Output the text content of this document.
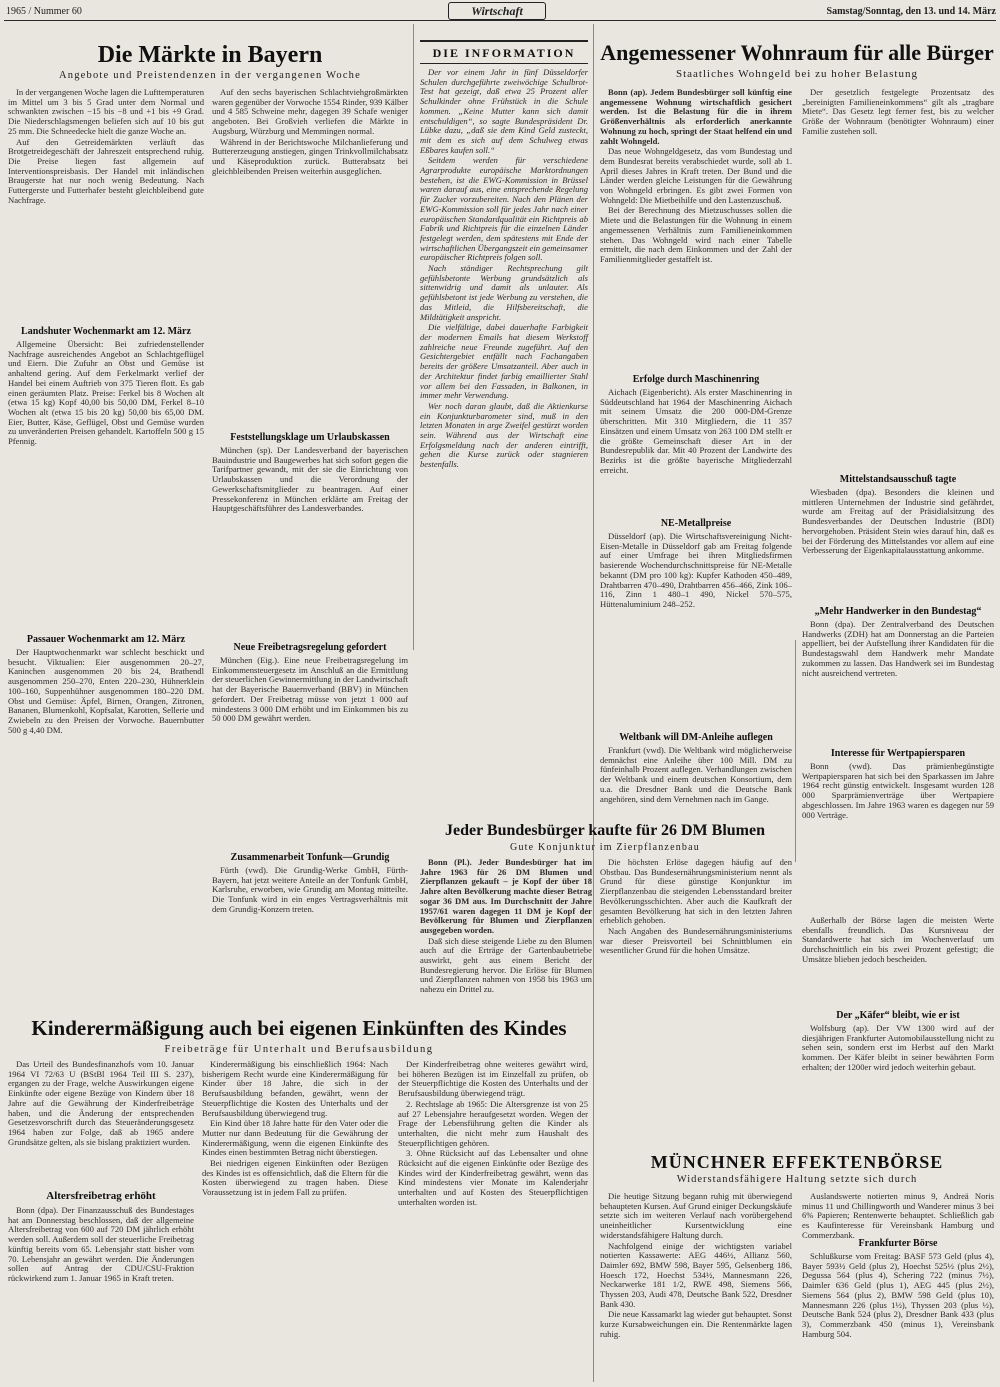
1965 / Nummer 60	Wirtschaft	Samstag/Sonntag, den 13. und 14. März
Die Märkte in Bayern
Angebote und Preistendenzen in der vergangenen Woche

In der vergangenen Woche lagen die Lufttemperaturen im Mittel um 3 bis 5 Grad unter dem Normal und schwankten zwischen −15 bis −8 und +1 bis +9 Grad. Die Niederschlagsmengen beliefen sich auf 10 bis gut 25 mm. Die Schneedecke hielt die ganze Woche an.

Auf den Getreidemärkten verläuft das Brotgetreidegeschäft der Jahreszeit entsprechend ruhig. Die Preise liegen fast allgemein auf Interventionspreisbasis. Der Handel mit inländischen Braugerste hat nur noch wenig Bedeutung. Nach Futtergerste und Futterhafer besteht gleichbleibend gute Nachfrage.

Auf den sechs bayerischen Schlachtviehgroßmärkten waren gegenüber der Vorwoche 1554 Rinder, 939 Kälber und 4 585 Schweine mehr, dagegen 39 Schafe weniger angeboten. Bei Großvieh verliefen die Märkte in Augsburg, Würzburg und Memmingen normal.

Während in der Berichtswoche Milchanlieferung und Buttererzeugung anstiegen, gingen Trinkvollmilchabsatz und Käseproduktion zurück. Butterabsatz bei gleichbleibenden Preisen weiterhin ausgeglichen.

Landshuter Wochenmarkt am 12. März

Allgemeine Übersicht: Bei zufriedenstellender Nachfrage ausreichendes Angebot an Schlachtgeflügel und Eiern. Die Zufuhr an Obst und Gemüse ist anhaltend gering. Auf dem Ferkelmarkt verlief der Handel bei einem Auftrieb von 375 Tieren flott. Es gab einen geräumten Platz. Preise: Ferkel bis 8 Wochen alt (etwa 15 kg) Kopf 40,00 bis 50,00 DM, Ferkel 8–10 Wochen alt (etwa 15 bis 20 kg) 50,00 bis 65,00 DM. Eier, Butter, Käse, Geflügel, Obst und Gemüse wurden zu unveränderten Preisen gehandelt. Kartoffeln 500 g 15 Pfennig.

Passauer Wochenmarkt am 12. März

Der Hauptwochenmarkt war schlecht beschickt und besucht. Viktualien: Eier ausgenommen 20–27, Kaninchen ausgenommen 20 bis 24, Brathendl ausgenommen 250–270, Enten 220–230, Hühnerklein 100–160, Suppenhühner ausgenommen 180–220 DM. Obst und Gemüse: Äpfel, Birnen, Orangen, Zitronen, Bananen, Blumenkohl, Kopfsalat, Karotten, Sellerie und Zwiebeln zu den Preisen der Vorwoche. Bauernbutter 500 g 4,40 DM.

Feststellungsklage um Urlaubskassen

München (sp). Der Landesverband der bayerischen Bauindustrie und Baugewerbes hat sich sofort gegen die Tarifpartner gewandt, mit der sie die Einrichtung von Urlaubskassen und die Verordnung der Gewerkschaftsmitglieder zu beantragen. Auf einer Pressekonferenz in München erklärte am Freitag der Hauptgeschäftsführer des Landesverbandes.

Neue Freibetragsregelung gefordert

München (Eig.). Eine neue Freibetragsregelung im Einkommensteuergesetz im Anschluß an die Ermittlung der steuerlichen Gewinnermittlung in der Landwirtschaft hat der Bayerische Bauernverband (BBV) in München gefordert. Der Freibetrag müsse von jetzt 1 000 auf mindestens 3 000 DM erhöht und im Einkommen bis zu 50 000 DM gewährt werden.

Zusammenarbeit Tonfunk—Grundig

Fürth (vwd). Die Grundig-Werke GmbH, Fürth-Bayern, hat jetzt weitere Anteile an der Tonfunk GmbH, Karlsruhe, erworben, wie Grundig am Montag mitteilte. Die Tonfunk wird in ein enges Vertragsverhältnis mit dem Grundig-Konzern treten.

DIE INFORMATION

Der vor einem Jahr in fünf Düsseldorfer Schulen durchgeführte zweiwöchige Schulbrot-Test hat gezeigt, daß etwa 25 Prozent aller Schulkinder ohne Frühstück in die Schule kommen. „Keine Mutter kann sich damit entschuldigen“, so sagte Bundespräsident Dr. Lübke dazu, „daß sie dem Kind Geld zusteckt, mit dem es sich auf dem Schulweg etwas Eßbares kaufen soll.“

Seitdem werden für verschiedene Agrarprodukte europäische Marktordnungen bestehen, ist die EWG-Kommission in Brüssel waren darauf aus, eine entsprechende Regelung für Zucker vorzubereiten. Nach den Plänen der EWG-Kommission soll für jedes Jahr nach einer europäischen Standardqualität ein Richtpreis ab Fabrik und Richtpreis für die einzelnen Länder festgelegt werden, dem spätestens mit Ende der wirtschaftlichen Übergangszeit ein gemeinsamer europäischer Richtpreis folgen soll.

Nach ständiger Rechtsprechung gilt gefühlsbetonte Werbung grundsätzlich als sittenwidrig und damit als unlauter. Als gefühlsbetont ist jede Werbung zu verstehen, die das Mitleid, die Hilfsbereitschaft, die Mildtätigkeit anspricht.

Die vielfältige, dabei dauerhafte Farbigkeit der modernen Emails hat diesem Werkstoff zahlreiche neue Freunde zugeführt. Auf den Gesichtergebiet entfällt nach Fachangaben bereits der größere Umsatzanteil. Aber auch in der Architektur findet farbig emaillierter Stahl vor allem bei den Fassaden, in Balkonen, in immer mehr Verwendung.

Wer noch daran glaubt, daß die Aktienkurse ein Konjunkturbarometer sind, muß in den letzten Monaten in arge Zweifel gestürzt worden sein. Während aus der Wirtschaft eine Erfolgsmeldung nach der anderen eintrifft, gehen die Kurse zurück oder stagnieren bestenfalls.

Angemessener Wohnraum für alle Bürger
Staatliches Wohngeld bei zu hoher Belastung

Bonn (ap). Jedem Bundesbürger soll künftig eine angemessene Wohnung wirtschaftlich gesichert werden. Ist die Belastung für die in ihrem Größenverhältnis als erforderlich anerkannte Wohnung zu hoch, springt der Staat helfend ein und zahlt Wohngeld.

Das neue Wohngeldgesetz, das vom Bundestag und dem Bundesrat bereits verabschiedet wurde, soll ab 1. April dieses Jahres in Kraft treten. Der Bund und die Länder werden gleiche Leistungen für die Gewährung von Wohngeld erbringen. Es gibt zwei Formen von Wohngeld: Die Mietbeihilfe und den Lastenzuschuß.

Bei der Berechnung des Mietzuschusses sollen die Miete und die Belastungen für die Wohnung in einem angemessenen Verhältnis zum Familieneinkommen stehen. Das Wohngeld wird nach einer Tabelle ermittelt, die nach dem Einkommen und der Zahl der Familienmitglieder gestaffelt ist.

Der gesetzlich festgelegte Prozentsatz des „bereinigten Familieneinkommens“ gilt als „tragbare Miete“. Das Gesetz legt ferner fest, bis zu welcher Größe der Wohnraum (benötigter Wohnraum) einer Familie zustehen soll.

Erfolge durch Maschinenring

Aichach (Eigenbericht). Als erster Maschinenring in Süddeutschland hat 1964 der Maschinenring Aichach mit seinem Umsatz die 200 000-DM-Grenze überschritten. Mit 310 Mitgliedern, die 11 357 Einsätzen und einem Umsatz von 263 100 DM stellt er die größte Gemeinschaft dieser Art in der Bundesrepublik dar. Mit 40 Prozent der Landwirte des Bezirks ist die größte bayerische Mitgliederzahl erreicht.

NE-Metallpreise

Düsseldorf (ap). Die Wirtschaftsvereinigung Nicht-Eisen-Metalle in Düsseldorf gab am Freitag folgende auf einer Umfrage bei ihren Mitgliedsfirmen basierende Wochendurchschnittspreise für NE-Metalle bekannt (DM pro 100 kg): Kupfer Kathoden 450–489, Drahtbarren 470–490, Drahtbarren 456–466, Zink 106–116, Zinn 1 480–1 490, Nickel 570–575, Hüttenaluminium 248–252.

Weltbank will DM-Anleihe auflegen

Frankfurt (vwd). Die Weltbank wird möglicherweise demnächst eine Anleihe über 100 Mill. DM zu fünfeinhalb Prozent auflegen. Verhandlungen zwischen der Weltbank und einem deutschen Konsortium, dem u.a. die Dresdner Bank und die Deutsche Bank angehören, sind dem Vernehmen nach im Gange.

Mittelstandsausschuß tagte

Wiesbaden (dpa). Besonders die kleinen und mittleren Unternehmen der Industrie sind gefährdet, wurde am Freitag auf der Präsidialsitzung des Bundesverbandes der Deutschen Industrie (BDI) hervorgehoben. Präsident Stein wies darauf hin, daß es bei der Förderung des Mittelstandes vor allem auf eine Verbesserung der Eigenkapitalausstattung ankomme.

„Mehr Handwerker in den Bundestag“

Bonn (dpa). Der Zentralverband des Deutschen Handwerks (ZDH) hat am Donnerstag an die Parteien appelliert, bei der Aufstellung ihrer Kandidaten für die Bundestagswahl dem Handwerk mehr Mandate zukommen zu lassen. Das Handwerk sei im Bundestag nicht ausreichend vertreten.

Interesse für Wertpapiersparen

Bonn (vwd). Das prämienbegünstigte Wertpapiersparen hat sich bei den Sparkassen im Jahre 1964 recht günstig entwickelt. Insgesamt wurden 128 000 Sparprämienverträge über Wertpapiere abgeschlossen. Im Jahre 1963 waren es dagegen nur 59 000 Verträge.

Der „Käfer“ bleibt, wie er ist

Wolfsburg (ap). Der VW 1300 wird auf der diesjährigen Frankfurter Automobilausstellung nicht zu sehen sein, sondern erst im Herbst auf den Markt kommen. Der Käfer bleibt in seiner bewährten Form erhalten; der 1200er wird jedoch weiterhin gebaut.

Jeder Bundesbürger kaufte für 26 DM Blumen
Gute Konjunktur im Zierpflanzenbau

Bonn (Pl.). Jeder Bundesbürger hat im Jahre 1963 für 26 DM Blumen und Zierpflanzen gekauft – je Kopf der über 18 Jahre alten Bevölkerung machte dieser Betrag sogar 36 DM aus. Im Durchschnitt der Jahre 1957/61 waren dagegen 11 DM je Kopf der Bevölkerung für Blumen und Zierpflanzen ausgegeben worden.

Daß sich diese steigende Liebe zu den Blumen auch auf die Erträge der Gartenbaubetriebe auswirkt, geht aus einem Bericht der Bundesregierung hervor. Die Erlöse für Blumen und Zierpflanzen nahmen von 1958 bis 1963 um nahezu ein Drittel zu.

Die höchsten Erlöse dagegen häufig auf den Obstbau. Das Bundesernährungsministerium nennt als Grund für diese günstige Konjunktur im Zierpflanzenbau die steigenden Lebensstandard breiter Bevölkerungsschichten. Aber auch die Kaufkraft der gesamten Bevölkerung hat sich in den letzten Jahren erheblich gehoben.

Nach Angaben des Bundesernährungsministeriums war dieser Preisvorteil bei Schnittblumen ein wesentlicher Grund für die hohen Umsätze.

Kinderermäßigung auch bei eigenen Einkünften des Kindes
Freibeträge für Unterhalt und Berufsausbildung

Das Urteil des Bundesfinanzhofs vom 10. Januar 1964 VI 72/63 U (BStBl 1964 Teil III S. 237), ergangen zu der Frage, welche Auswirkungen eigene Einkünfte oder eigene Bezüge von Kindern über 18 Jahre auf die Gewährung der Kinderfreibeträge haben, und die Änderung der entsprechenden Gesetzesvorschrift durch das Steueränderungsgesetz 1964 haben zur Folge, daß ab 1965 andere Grundsätze gelten, als sie bislang praktiziert wurden.

Kinderermäßigung bis einschließlich 1964: Nach bisherigem Recht wurde eine Kinderermäßigung für Kinder über 18 Jahre, die sich in der Berufsausbildung befanden, gewährt, wenn der Steuerpflichtige die Kosten des Unterhalts und der Berufsausbildung überwiegend trug.

Ein Kind über 18 Jahre hatte für den Vater oder die Mutter nur dann Bedeutung für die Gewährung der Kinderermäßigung, wenn die eigenen Einkünfte des Kindes einen bestimmten Betrag nicht überstiegen.

Bei niedrigen eigenen Einkünften oder Bezügen des Kindes ist es offensichtlich, daß die Eltern für die Kosten überwiegend zu tragen haben. Diese Voraussetzung ist in jedem Fall zu prüfen.

Der Kinderfreibetrag ohne weiteres gewährt wird, bei höheren Bezügen ist im Einzelfall zu prüfen, ob der Steuerpflichtige die Kosten des Unterhalts und der Berufsausbildung überwiegend trägt.

2. Rechtslage ab 1965: Die Altersgrenze ist von 25 auf 27 Lebensjahre heraufgesetzt worden. Wegen der Frage der Lebensführung gelten die Kinder als unterhalten, die nicht mehr zum Haushalt des Steuerpflichtigen gehören.

3. Ohne Rücksicht auf das Lebensalter und ohne Rücksicht auf die eigenen Einkünfte oder Bezüge des Kindes wird der Kinderfreibetrag gewährt, wenn das Kind mindestens vier Monate im Kalenderjahr unterhalten und auf Kosten des Steuerpflichtigen unterhalten worden ist.

Altersfreibetrag erhöht

Bonn (dpa). Der Finanzausschuß des Bundestages hat am Donnerstag beschlossen, daß der allgemeine Altersfreibetrag von 600 auf 720 DM jährlich erhöht werden soll. Außerdem soll der steuerliche Freibetrag künftig bereits vom 65. Lebensjahr statt bisher vom 70. Lebensjahr an gewährt werden. Die Änderungen sollen auf Antrag der CDU/CSU-Fraktion rückwirkend zum 1. Januar 1965 in Kraft treten.

MÜNCHNER EFFEKTENBÖRSE
Widerstandsfähigere Haltung setzte sich durch

Die heutige Sitzung begann ruhig mit überwiegend behaupteten Kursen. Auf Grund einiger Deckungskäufe setzte sich im weiteren Verlauf nach vorübergehend uneinheitlicher Kursentwicklung eine widerstandsfähigere Haltung durch.

Nachfolgend einige der wichtigsten variabel notierten Kassawerte: AEG 446½, Allianz 560, Daimler 692, BMW 598, Bayer 595, Gelsenberg 186, Hoesch 172, Hoechst 534½, Mannesmann 226, Neckarwerke 181 1/2, RWE 498, Siemens 566, Thyssen 203, Audi 478, Deutsche Bank 522, Dresdner Bank 430.

Die neue Kassamarkt lag wieder gut behauptet. Sonst kurze Kursabweichungen ein. Die Rentenmärkte lagen ruhig.

Auslandswerte notierten minus 9, Andreä Noris minus 11 und Chillingworth und Wanderer minus 3 bei 6% Papieren; Rentenwerte behauptet. Schließlich gab es Kaufinteresse für Vereinsbank Hamburg und Commerzbank.

Frankfurter Börse

Schlußkurse vom Freitag: BASF 573 Geld (plus 4), Bayer 593½ Geld (plus 2), Hoechst 525½ (plus 2½), Degussa 564 (plus 4), Schering 722 (minus 7½), Daimler 636 Geld (plus 1), AEG 445 (plus 2½), Siemens 564 (plus 2), BMW 598 Geld (plus 10), Mannesmann 226 (plus 1½), Thyssen 203 (plus ½), Deutsche Bank 524 (plus 2), Dresdner Bank 433 (plus 3), Commerzbank 450 (minus 1), Vereinsbank Hamburg 504.

Außerhalb der Börse lagen die meisten Werte ebenfalls freundlich. Das Kursniveau der Standardwerte hat sich im Wochenverlauf um durchschnittlich ein bis zwei Prozent gefestigt; die Umsätze blieben jedoch bescheiden.
